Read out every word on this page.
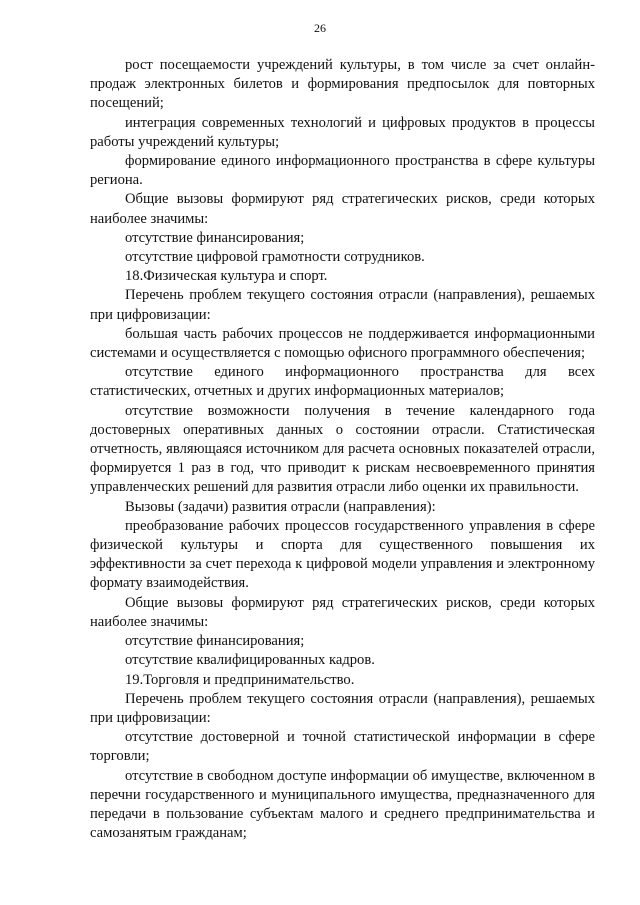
26

рост посещаемости учреждений культуры, в том числе за счет онлайн-продаж электронных билетов и формирования предпосылок для повторных посещений;

интеграция современных технологий и цифровых продуктов в процессы работы учреждений культуры;

формирование единого информационного пространства в сфере культуры региона.

Общие вызовы формируют ряд стратегических рисков, среди которых наиболее значимы:

отсутствие финансирования;

отсутствие цифровой грамотности сотрудников.

18.Физическая культура и спорт.

Перечень проблем текущего состояния отрасли (направления), решаемых при цифровизации:

большая часть рабочих процессов не поддерживается информационными системами и осуществляется с помощью офисного программного обеспечения;

отсутствие единого информационного пространства для всех статистических, отчетных и других информационных материалов;

отсутствие возможности получения в течение календарного года достоверных оперативных данных о состоянии отрасли. Статистическая отчетность, являющаяся источником для расчета основных показателей отрасли, формируется 1 раз в год, что приводит к рискам несвоевременного принятия управленческих решений для развития отрасли либо оценки их правильности.

Вызовы (задачи) развития отрасли (направления):

преобразование рабочих процессов государственного управления в сфере физической культуры и спорта для существенного повышения их эффективности за счет перехода к цифровой модели управления и электронному формату взаимодействия.

Общие вызовы формируют ряд стратегических рисков, среди которых наиболее значимы:

отсутствие финансирования;

отсутствие квалифицированных кадров.

19.Торговля и предпринимательство.

Перечень проблем текущего состояния отрасли (направления), решаемых при цифровизации:

отсутствие достоверной и точной статистической информации в сфере торговли;

отсутствие в свободном доступе информации об имуществе, включенном в перечни государственного и муниципального имущества, предназначенного для передачи в пользование субъектам малого и среднего предпринимательства и самозанятым гражданам;
